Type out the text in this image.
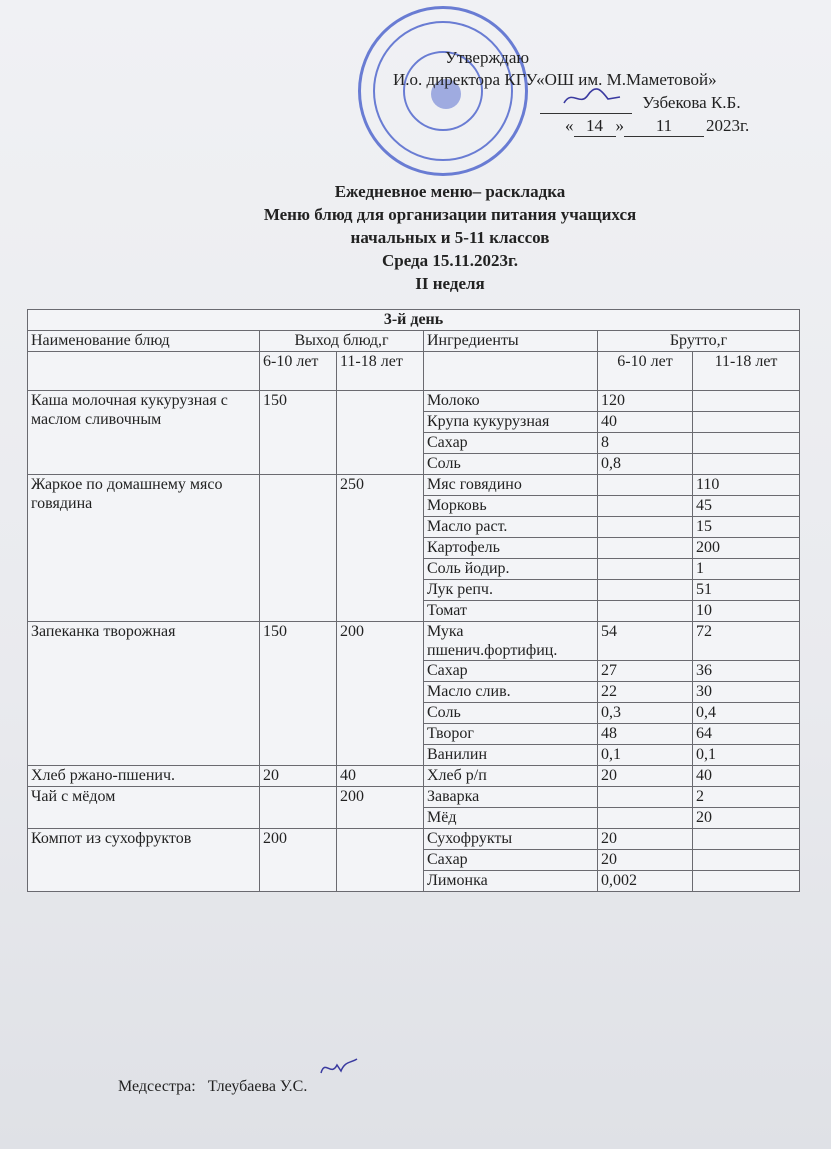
Утверждаю
И.о. директора КГУ«ОШ им. М.Маметовой»

Узбекова К.Б.
« 14 » 11 2023г.
Ежедневное меню– раскладка
Меню блюд для организации питания учащихся
начальных и 5-11 классов
Среда 15.11.2023г.
II неделя
3-й день					
Наименование блюд	Выход блюд,г		Ингредиенты	Брутто,г	
	6-10 лет	11-18 лет		6-10 лет	11-18 лет
Каша молочная кукурузная с маслом сливочным	150		Молоко	120	
			Крупа кукурузная	40	
			Сахар	8	
			Соль	0,8	
Жаркое по домашнему мясо говядина		250	Мяс говядино		110
			Морковь		45
			Масло раст.		15
			Картофель		200
			Соль йодир.		1
			Лук репч.		51
			Томат		10
Запеканка творожная	150	200	Мука пшенич.фортифиц.	54	72
			Сахар	27	36
			Масло слив.	22	30
			Соль	0,3	0,4
			Творог	48	64
			Ванилин	0,1	0,1
Хлеб ржано-пшенич.	20	40	Хлеб р/п	20	40
Чай с мёдом		200	Заварка		2
			Мёд		20
Компот из сухофруктов	200		Сухофрукты	20	
			Сахар	20	
			Лимонка	0,002	
Медсестра: Тлеубаева У.С.
